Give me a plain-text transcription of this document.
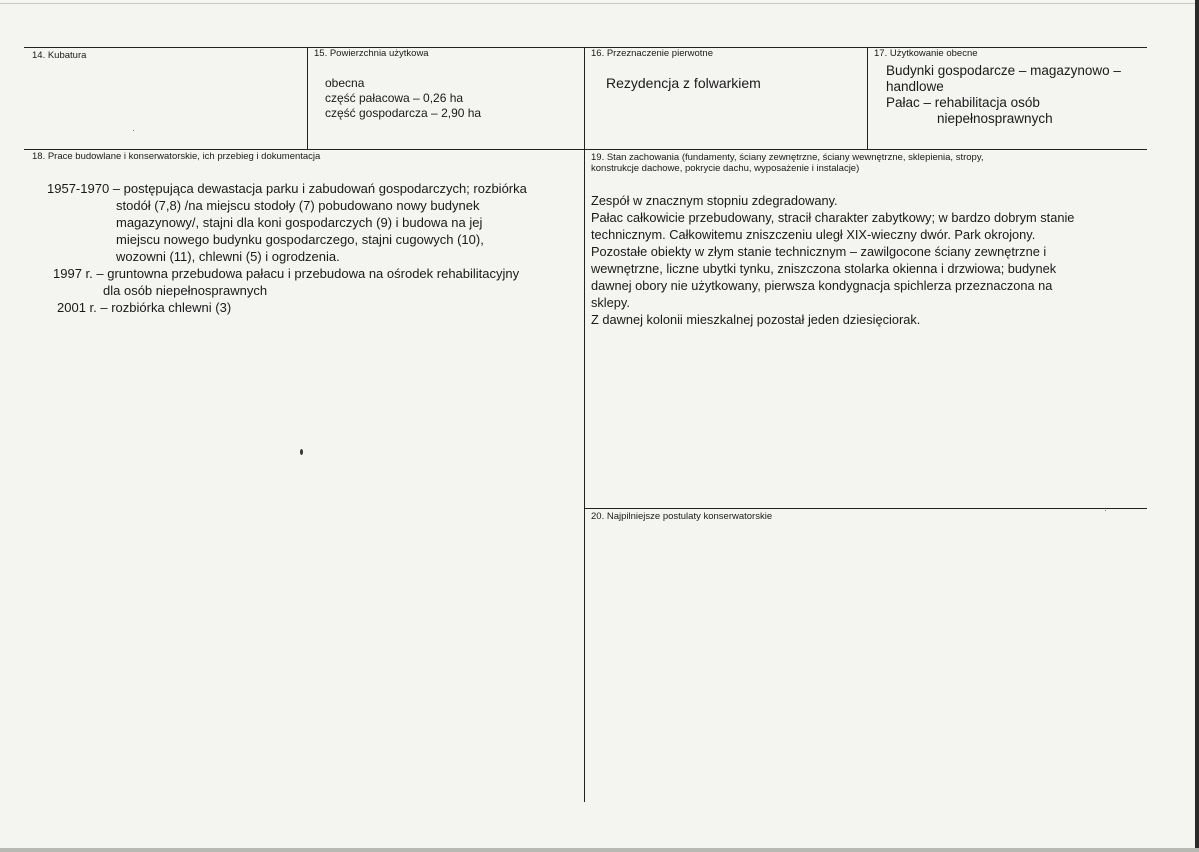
14. Kubatura	15. Powierzchnia użytkowa
obecna
część pałacowa – 0,26 ha
część gospodarcza – 2,90 ha
16. Przeznaczenie pierwotne
Rezydencja z folwarkiem
17. Użytkowanie obecne
Budynki gospodarcze – magazynowo –
handlowe
Pałac – rehabilitacja osób
niepełnosprawnych
18. Prace budowlane i konserwatorskie, ich przebieg i dokumentacja
1957-1970 – postępująca dewastacja parku i zabudowań gospodarczych; rozbiórka
stodół (7,8) /na miejscu stodoły (7) pobudowano nowy budynek
magazynowy/, stajni dla koni gospodarczych (9) i budowa na jej
miejscu nowego budynku gospodarczego, stajni cugowych (10),
wozowni (11), chlewni (5) i ogrodzenia.
1997 r. – gruntowna przebudowa pałacu i przebudowa na ośrodek rehabilitacyjny
dla osób niepełnosprawnych
2001 r. – rozbiórka chlewni (3)
19. Stan zachowania (fundamenty, ściany zewnętrzne, ściany wewnętrzne, sklepienia, stropy,
konstrukcje dachowe, pokrycie dachu, wyposażenie i instalacje)
Zespół w znacznym stopniu zdegradowany.
Pałac całkowicie przebudowany, stracił charakter zabytkowy; w bardzo dobrym stanie
technicznym. Całkowitemu zniszczeniu uległ XIX-wieczny dwór. Park okrojony.
Pozostałe obiekty w złym stanie technicznym – zawilgocone ściany zewnętrzne i
wewnętrzne, liczne ubytki tynku, zniszczona stolarka okienna i drzwiowa; budynek
dawnej obory nie użytkowany, pierwsza kondygnacja spichlerza przeznaczona na
sklepy.
Z dawnej kolonii mieszkalnej pozostał jeden dziesięciorak.
20. Najpilniejsze postulaty konserwatorskie
